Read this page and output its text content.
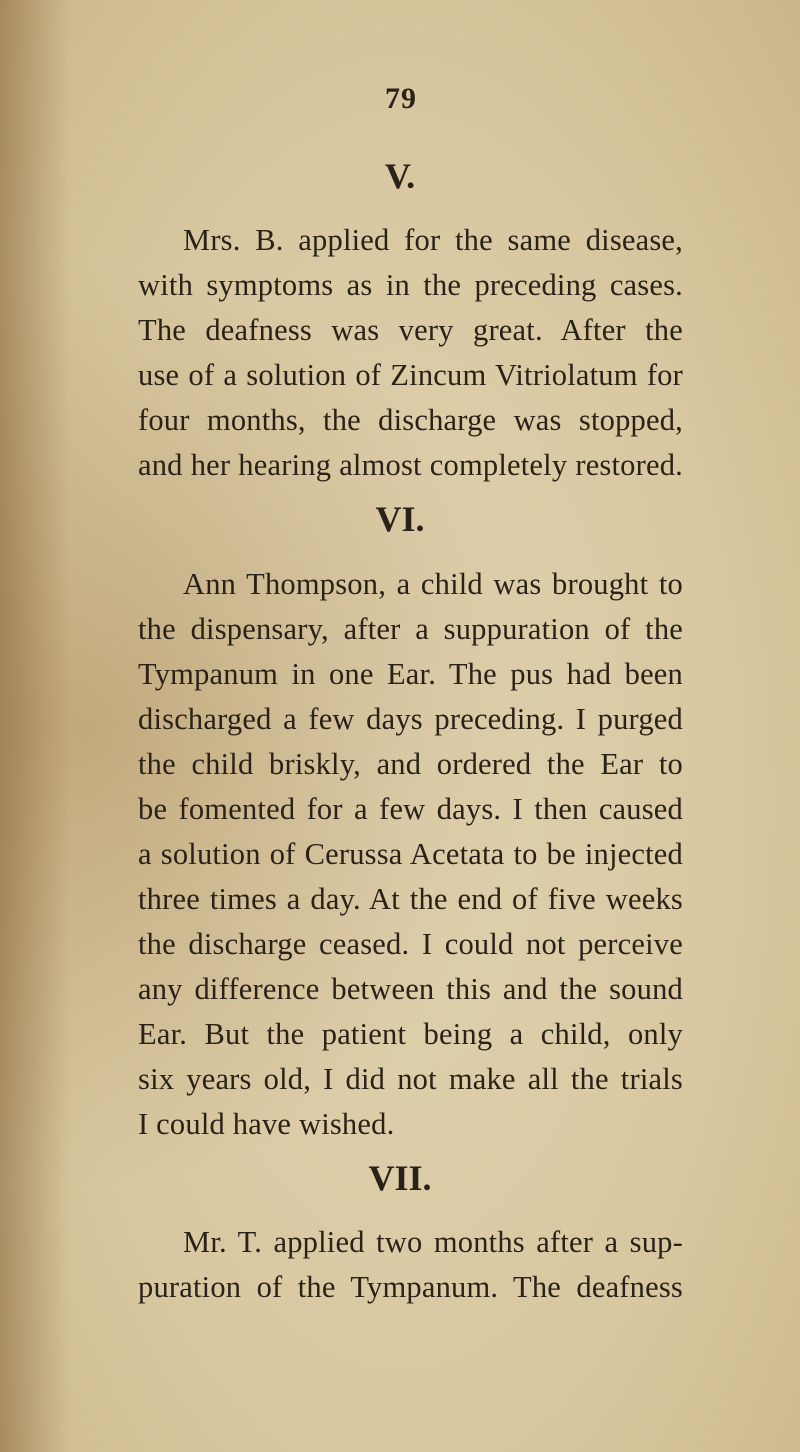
79
V.
Mrs. B. applied for the same disease,
with symptoms as in the preceding cases.
The deafness was very great. After the
use of a solution of Zincum Vitriolatum for
four months, the discharge was stopped,
and her hearing almost completely restored.
VI.
Ann Thompson, a child was brought to
the dispensary, after a suppuration of the
Tympanum in one Ear. The pus had been
discharged a few days preceding. I purged
the child briskly, and ordered the Ear to
be fomented for a few days. I then caused
a solution of Cerussa Acetata to be injected
three times a day. At the end of five weeks
the discharge ceased. I could not perceive
any difference between this and the sound
Ear. But the patient being a child, only
six years old, I did not make all the trials
I could have wished.
VII.
Mr. T. applied two months after a sup-
puration of the Tympanum. The deafness
